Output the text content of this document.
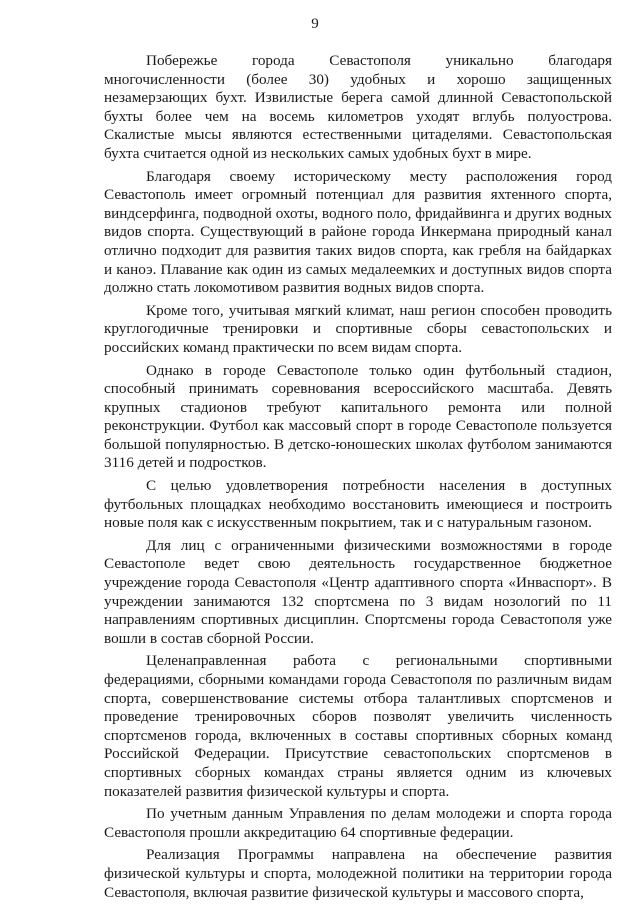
9

Побережье города Севастополя уникально благодаря многочисленности (более 30) удобных и хорошо защищенных незамерзающих бухт. Извилистые берега самой длинной Севастопольской бухты более чем на восемь километров уходят вглубь полуострова. Скалистые мысы являются естественными цитаделями. Севастопольская бухта считается одной из нескольких самых удобных бухт в мире.

Благодаря своему историческому месту расположения город Севастополь имеет огромный потенциал для развития яхтенного спорта, виндсерфинга, подводной охоты, водного поло, фридайвинга и других водных видов спорта. Существующий в районе города Инкермана природный канал отлично подходит для развития таких видов спорта, как гребля на байдарках и каноэ. Плавание как один из самых медалеемких и доступных видов спорта должно стать локомотивом развития водных видов спорта.

Кроме того, учитывая мягкий климат, наш регион способен проводить круглогодичные тренировки и спортивные сборы севастопольских и российских команд практически по всем видам спорта.

Однако в городе Севастополе только один футбольный стадион, способный принимать соревнования всероссийского масштаба. Девять крупных стадионов требуют капитального ремонта или полной реконструкции. Футбол как массовый спорт в городе Севастополе пользуется большой популярностью. В детско-юношеских школах футболом занимаются 3116 детей и подростков.

С целью удовлетворения потребности населения в доступных футбольных площадках необходимо восстановить имеющиеся и построить новые поля как с искусственным покрытием, так и с натуральным газоном.

Для лиц с ограниченными физическими возможностями в городе Севастополе ведет свою деятельность государственное бюджетное учреждение города Севастополя «Центр адаптивного спорта «Инваспорт». В учреждении занимаются 132 спортсмена по 3 видам нозологий по 11 направлениям спортивных дисциплин. Спортсмены города Севастополя уже вошли в состав сборной России.

Целенаправленная работа с региональными спортивными федерациями, сборными командами города Севастополя по различным видам спорта, совершенствование системы отбора талантливых спортсменов и проведение тренировочных сборов позволят увеличить численность спортсменов города, включенных в составы спортивных сборных команд Российской Федерации. Присутствие севастопольских спортсменов в спортивных сборных командах страны является одним из ключевых показателей развития физической культуры и спорта.

По учетным данным Управления по делам молодежи и спорта города Севастополя прошли аккредитацию 64 спортивные федерации.

Реализация Программы направлена на обеспечение развития физической культуры и спорта, молодежной политики на территории города Севастополя, включая развитие физической культуры и массового спорта,
